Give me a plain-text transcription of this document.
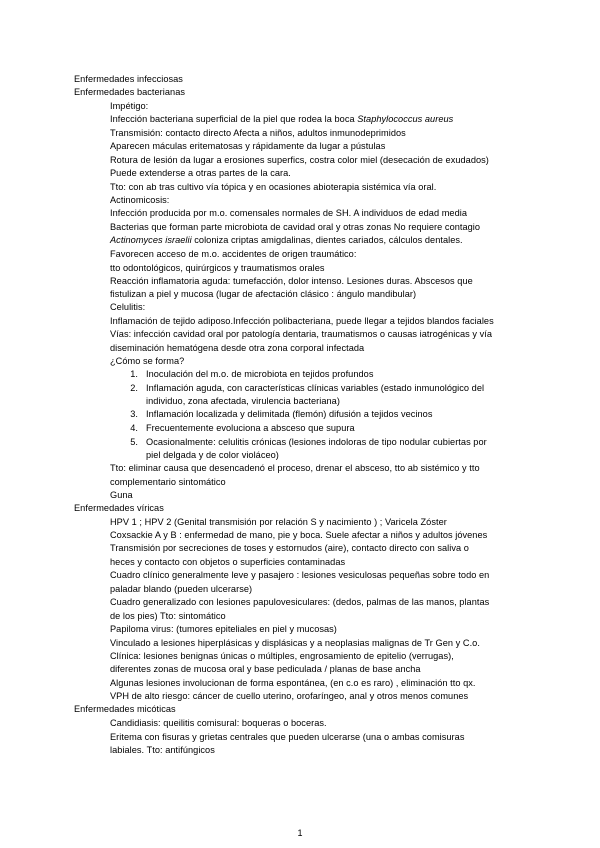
Enfermedades infecciosas
Enfermedades bacterianas
Impétigo:
Infección bacteriana superficial de la piel que rodea la boca Staphylococcus aureus
Transmisión: contacto directo Afecta a niños, adultos inmunodeprimidos
Aparecen máculas eritematosas y rápidamente da lugar a pústulas
Rotura de lesión da lugar a erosiones superfics, costra color miel (desecación de exudados)
Puede extenderse a otras partes de la cara.
Tto: con ab tras cultivo vía tópica y en ocasiones abioterapia sistémica vía oral.
Actinomicosis:
Infección producida por m.o. comensales normales de SH. A individuos de edad media
Bacterias que forman parte microbiota de cavidad oral y otras zonas No requiere contagio
Actinomyces israelii coloniza criptas amigdalinas, dientes cariados, cálculos dentales.
Favorecen acceso de m.o. accidentes de origen traumático:
tto odontológicos, quirúrgicos y traumatismos orales
Reacción inflamatoria aguda: tumefacción, dolor intenso. Lesiones duras. Abscesos que
fistulizan a piel y mucosa (lugar de afectación clásico : ángulo mandibular)
Celulitis:
Inflamación de tejido adiposo.Infección polibacteriana, puede llegar a tejidos blandos faciales
Vías: infección cavidad oral por patología dentaria, traumatismos o causas iatrogénicas y vía
diseminación hematógena desde otra zona corporal infectada
¿Cómo se forma?
1. Inoculación del m.o. de microbiota en tejidos profundos
2. Inflamación aguda, con características clínicas variables (estado inmunológico del
individuo, zona afectada, virulencia bacteriana)
3. Inflamación localizada y delimitada (flemón) difusión a tejidos vecinos
4. Frecuentemente evoluciona a absceso que supura
5. Ocasionalmente: celulitis crónicas (lesiones indoloras de tipo nodular cubiertas por
piel delgada y de color violáceo)
Tto: eliminar causa que desencadenó el proceso, drenar el absceso, tto ab sistémico y tto
complementario sintomático
Guna
Enfermedades víricas
HPV 1 ; HPV 2 (Genital transmisión por relación S y nacimiento ) ; Varicela Zóster
Coxsackie A y B : enfermedad de mano, pie y boca. Suele afectar a niños y adultos jóvenes
Transmisión por secreciones de toses y estornudos (aire), contacto directo con saliva o
heces y contacto con objetos o superficies contaminadas
Cuadro clínico generalmente leve y pasajero : lesiones vesiculosas pequeñas sobre todo en
paladar blando (pueden ulcerarse)
Cuadro generalizado con lesiones papulovesiculares: (dedos, palmas de las manos, plantas
de los pies) Tto: sintomático
Papiloma virus: (tumores epiteliales en piel y mucosas)
Vinculado a lesiones hiperplásicas y displásicas y a neoplasias malignas de Tr Gen y C.o.
Clínica: lesiones benignas únicas o múltiples, engrosamiento de epitelio (verrugas),
diferentes zonas de mucosa oral y base pediculada / planas de base ancha
Algunas lesiones involucionan de forma espontánea, (en c.o es raro) , eliminación tto qx.
VPH de alto riesgo: cáncer de cuello uterino, orofaríngeo, anal y otros menos comunes
Enfermedades micóticas
Candidiasis: queilitis comisural: boqueras o boceras.
Eritema con fisuras y grietas centrales que pueden ulcerarse (una o ambas comisuras
labiales. Tto: antifúngicos
1
